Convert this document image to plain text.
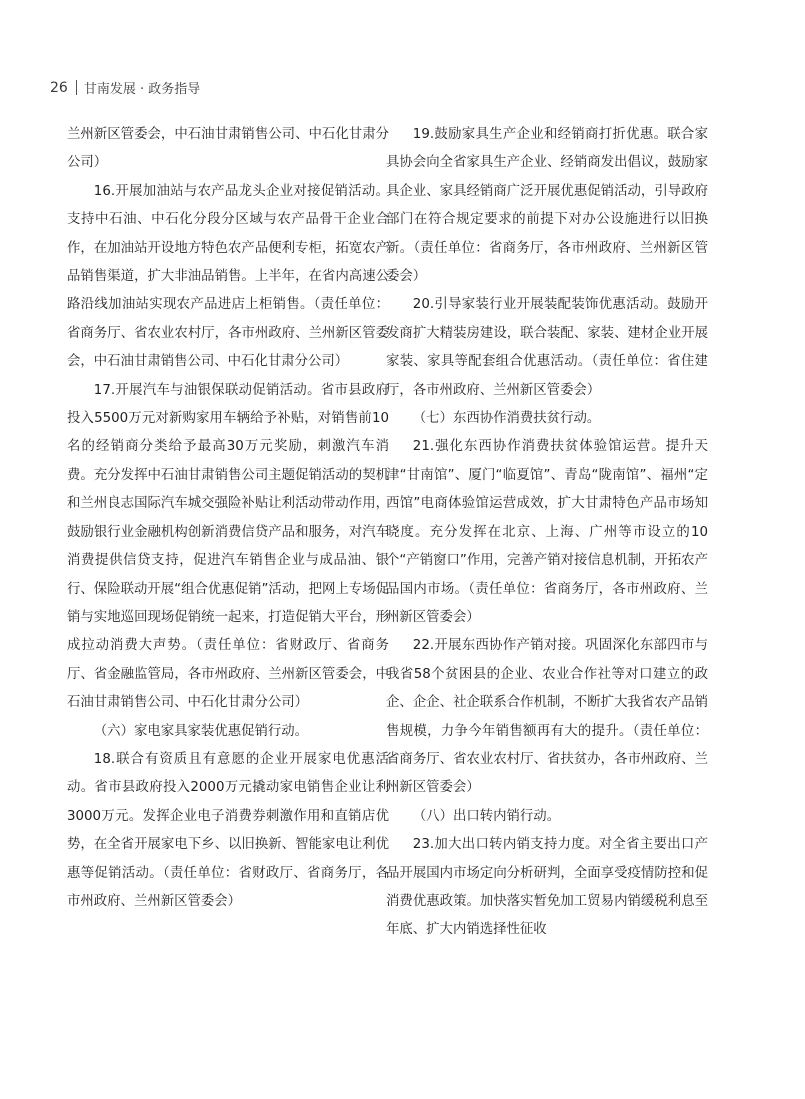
26 甘南发展 · 政务指导

兰州新区管委会，中石油甘肃销售公司、中石化甘肃分公司）

16.开展加油站与农产品龙头企业对接促销活动。支持中石油、中石化分段分区域与农产品骨干企业合作，在加油站开设地方特色农产品便利专柜，拓宽农产品销售渠道，扩大非油品销售。上半年，在省内高速公路沿线加油站实现农产品进店上柜销售。（责任单位：省商务厅、省农业农村厅，各市州政府、兰州新区管委会，中石油甘肃销售公司、中石化甘肃分公司）

17.开展汽车与油银保联动促销活动。省市县政府投入5500万元对新购家用车辆给予补贴，对销售前10名的经销商分类给予最高30万元奖励，刺激汽车消费。充分发挥中石油甘肃销售公司主题促销活动的契机和兰州良志国际汽车城交强险补贴让利活动带动作用，鼓励银行业金融机构创新消费信贷产品和服务，对汽车消费提供信贷支持，促进汽车销售企业与成品油、银行、保险联动开展“组合优惠促销”活动，把网上专场促销与实地巡回现场促销统一起来，打造促销大平台，形成拉动消费大声势。（责任单位：省财政厅、省商务厅、省金融监管局，各市州政府、兰州新区管委会，中石油甘肃销售公司、中石化甘肃分公司）

（六）家电家具家装优惠促销行动。

18.联合有资质且有意愿的企业开展家电优惠活动。省市县政府投入2000万元撬动家电销售企业让利3000万元。发挥企业电子消费券刺激作用和直销店优势，在全省开展家电下乡、以旧换新、智能家电让利优惠等促销活动。（责任单位：省财政厅、省商务厅，各市州政府、兰州新区管委会）

19.鼓励家具生产企业和经销商打折优惠。联合家具协会向全省家具生产企业、经销商发出倡议，鼓励家具企业、家具经销商广泛开展优惠促销活动，引导政府部门在符合规定要求的前提下对办公设施进行以旧换新。（责任单位：省商务厅，各市州政府、兰州新区管委会）

20.引导家装行业开展装配装饰优惠活动。鼓励开发商扩大精装房建设，联合装配、家装、建材企业开展家装、家具等配套组合优惠活动。（责任单位：省住建厅，各市州政府、兰州新区管委会）

（七）东西协作消费扶贫行动。

21.强化东西协作消费扶贫体验馆运营。提升天津“甘南馆”、厦门“临夏馆”、青岛“陇南馆”、福州“定西馆”电商体验馆运营成效，扩大甘肃特色产品市场知晓度。充分发挥在北京、上海、广州等市设立的10个“产销窗口”作用，完善产销对接信息机制，开拓农产品国内市场。（责任单位：省商务厅，各市州政府、兰州新区管委会）

22.开展东西协作产销对接。巩固深化东部四市与我省58个贫困县的企业、农业合作社等对口建立的政企、企企、社企联系合作机制，不断扩大我省农产品销售规模，力争今年销售额再有大的提升。（责任单位：省商务厅、省农业农村厅、省扶贫办，各市州政府、兰州新区管委会）

（八）出口转内销行动。

23.加大出口转内销支持力度。对全省主要出口产品开展国内市场定向分析研判，全面享受疫情防控和促消费优惠政策。加快落实暂免加工贸易内销缓税利息至年底、扩大内销选择性征收
